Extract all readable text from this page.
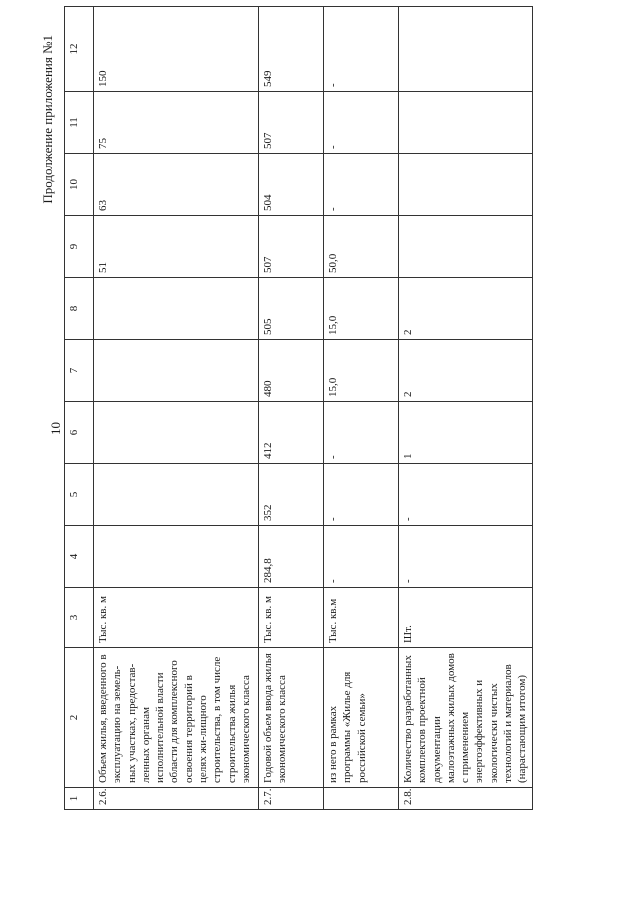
10
Продолжение приложения №1
1	2	3	4	5	6	7	8	9	10	11	12
2.6.	Объем жилья, введенного в эксплуатацию на земель-ных участках, предостав-ленных органам исполнительной власти области для комплексного освоения территорий в целях жи-лищного строительства, в том числе строительства жилья экономического класса	Тыс. кв. м						51	63	75	150
2.7.	Годовой объем ввода жилья экономического класса	Тыс. кв. м	284,8	352	412	480	505	507	504	507	549
	из него в рамках программы «Жилье для российской семьи»	Тыс. кв.м	-	-	-	15,0	15,0	50,0	-	-	-
2.8.	Количество разработанных комплектов проектной документации малоэтажных жилых домов с применением энергоэффективных и экологически чистых технологий и материалов (нарастающим итогом)	Шт.	-	-	1	2	2				
